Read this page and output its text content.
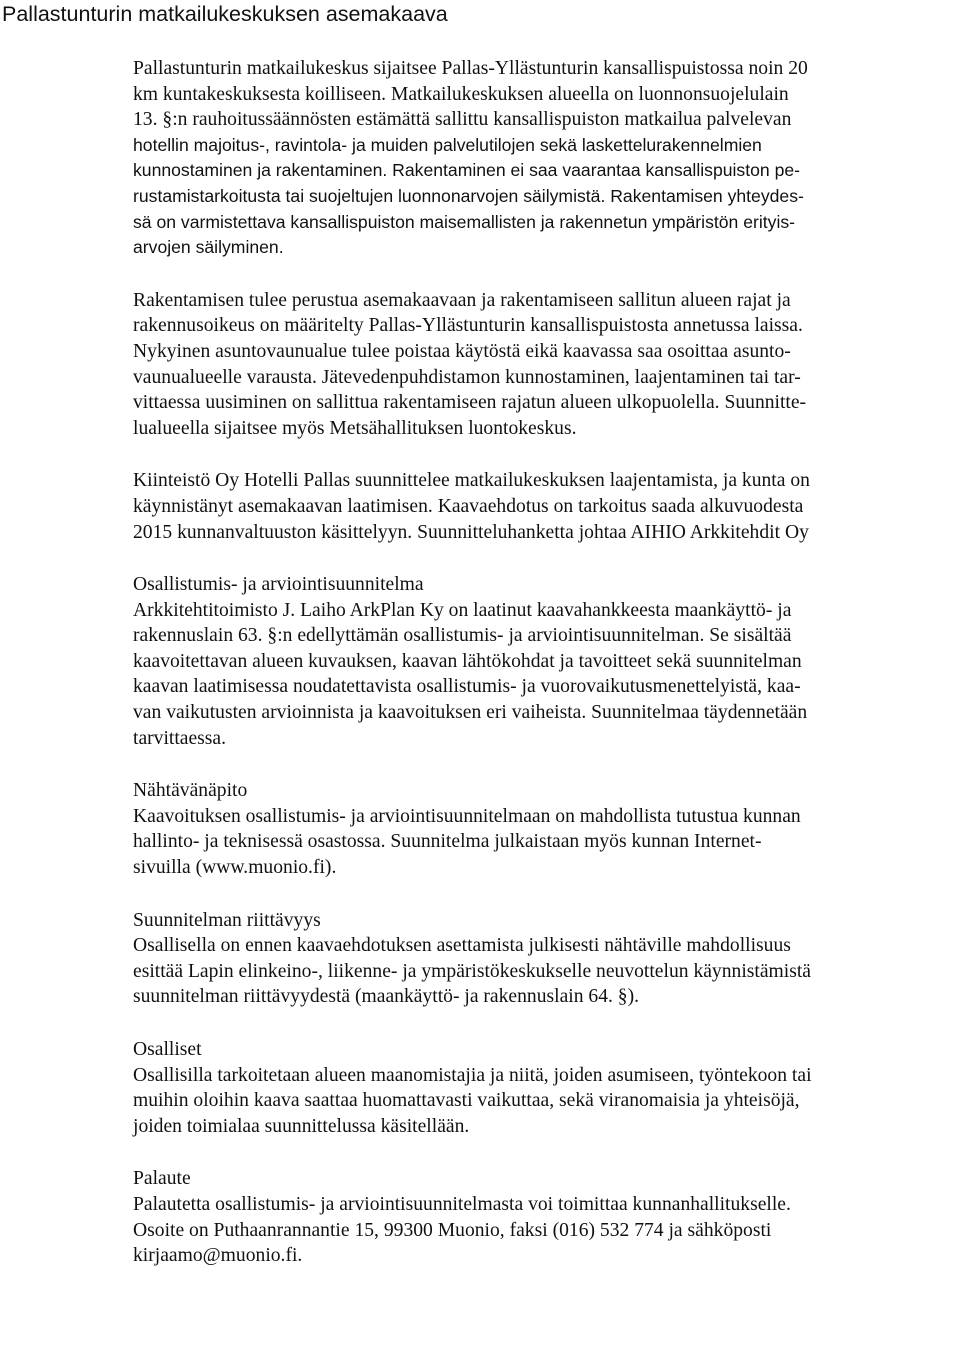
Pallastunturin matkailukeskuksen asemakaava

Pallastunturin matkailukeskus sijaitsee Pallas-Yllästunturin kansallispuistossa noin 20
km kuntakeskuksesta koilliseen. Matkailukeskuksen alueella on luonnonsuojelulain
13. §:n rauhoitussäännösten estämättä sallittu kansallispuiston matkailua palvelevan
hotellin majoitus-, ravintola- ja muiden palvelutilojen sekä laskettelurakennelmien
kunnostaminen ja rakentaminen. Rakentaminen ei saa vaarantaa kansallispuiston pe-
rustamistarkoitusta tai suojeltujen luonnonarvojen säilymistä. Rakentamisen yhteydes-
sä on varmistettava kansallispuiston maisemallisten ja rakennetun ympäristön erityis-
arvojen säilyminen.

Rakentamisen tulee perustua asemakaavaan ja rakentamiseen sallitun alueen rajat ja
rakennusoikeus on määritelty Pallas-Yllästunturin kansallispuistosta annetussa laissa.
Nykyinen asuntovaunualue tulee poistaa käytöstä eikä kaavassa saa osoittaa asunto-
vaunualueelle varausta. Jätevedenpuhdistamon kunnostaminen, laajentaminen tai tar-
vittaessa uusiminen on sallittua rakentamiseen rajatun alueen ulkopuolella. Suunnitte-
lualueella sijaitsee myös Metsähallituksen luontokeskus.

Kiinteistö Oy Hotelli Pallas suunnittelee matkailukeskuksen laajentamista, ja kunta on
käynnistänyt asemakaavan laatimisen. Kaavaehdotus on tarkoitus saada alkuvuodesta
2015 kunnanvaltuuston käsittelyyn. Suunnitteluhanketta johtaa AIHIO Arkkitehdit Oy

Osallistumis- ja arviointisuunnitelma
Arkkitehtitoimisto J. Laiho ArkPlan Ky on laatinut kaavahankkeesta maankäyttö- ja
rakennuslain 63. §:n edellyttämän osallistumis- ja arviointisuunnitelman. Se sisältää
kaavoitettavan alueen kuvauksen, kaavan lähtökohdat ja tavoitteet sekä suunnitelman
kaavan laatimisessa noudatettavista osallistumis- ja vuorovaikutusmenettelyistä, kaa-
van vaikutusten arvioinnista ja kaavoituksen eri vaiheista. Suunnitelmaa täydennetään
tarvittaessa.

Nähtävänäpito
Kaavoituksen osallistumis- ja arviointisuunnitelmaan on mahdollista tutustua kunnan
hallinto- ja teknisessä osastossa. Suunnitelma julkaistaan myös kunnan Internet-
sivuilla (www.muonio.fi).

Suunnitelman riittävyys
Osallisella on ennen kaavaehdotuksen asettamista julkisesti nähtäville mahdollisuus
esittää Lapin elinkeino-, liikenne- ja ympäristökeskukselle neuvottelun käynnistämistä
suunnitelman riittävyydestä (maankäyttö- ja rakennuslain 64. §).

Osalliset
Osallisilla tarkoitetaan alueen maanomistajia ja niitä, joiden asumiseen, työntekoon tai
muihin oloihin kaava saattaa huomattavasti vaikuttaa, sekä viranomaisia ja yhteisöjä,
joiden toimialaa suunnittelussa käsitellään.

Palaute
Palautetta osallistumis- ja arviointisuunnitelmasta voi toimittaa kunnanhallitukselle.
Osoite on Puthaanrannantie 15, 99300 Muonio, faksi (016) 532 774 ja sähköposti
kirjaamo@muonio.fi.
